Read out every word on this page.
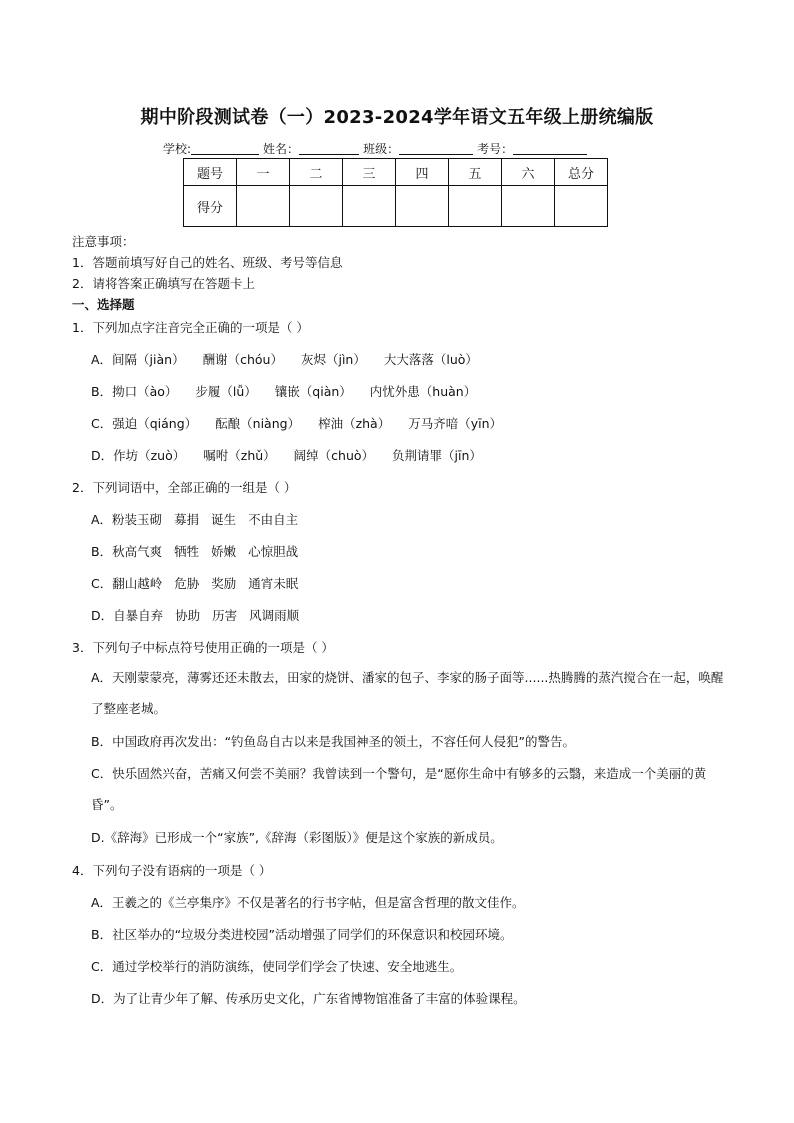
期中阶段测试卷（一）2023-2024学年语文五年级上册统编版
学校:	姓名：	班级：	考号：
题号	一	二	三	四	五	六	总分
得分							
注意事项：
1．答题前填写好自己的姓名、班级、考号等信息
2．请将答案正确填写在答题卡上
一、选择题
1．下列加点字注音完全正确的一项是（ ）
A．间隔（jiàn） 酬谢（chóu） 灰烬（jìn） 大大落落（luò）
B．拗口（ào） 步履（lǚ） 镶嵌（qiàn） 内忧外患（huàn）
C．强迫（qiáng） 酝酿（niàng） 榨油（zhà） 万马齐喑（yīn）
D．作坊（zuò） 嘱咐（zhǔ） 阔绰（chuò） 负荆请罪（jīn）
2．下列词语中，全部正确的一组是（ ）
A．粉装玉砌 募捐 诞生 不由自主
B．秋高气爽 牺牲 娇嫩 心惊胆战
C．翻山越岭 危胁 奖励 通宵未眠
D．自暴自弃 协助 历害 风调雨顺
3．下列句子中标点符号使用正确的一项是（ ）
A．天刚蒙蒙亮，薄雾还还未散去，田家的烧饼、潘家的包子、李家的肠子面等......热腾腾的蒸汽搅合在一起，唤醒了整座老城。
B．中国政府再次发出：“钓鱼岛自古以来是我国神圣的领土，不容任何人侵犯”的警告。
C．快乐固然兴奋，苦痛又何尝不美丽？我曾读到一个警句，是“愿你生命中有够多的云翳，来造成一个美丽的黄昏”。
D.《辞海》已形成一个“家族”,《辞海（彩图版）》便是这个家族的新成员。
4．下列句子没有语病的一项是（ ）
A．王羲之的《兰亭集序》不仅是著名的行书字帖，但是富含哲理的散文佳作。
B．社区举办的“垃圾分类进校园”活动增强了同学们的环保意识和校园环境。
C．通过学校举行的消防演练，使同学们学会了快速、安全地逃生。
D．为了让青少年了解、传承历史文化，广东省博物馆准备了丰富的体验课程。
